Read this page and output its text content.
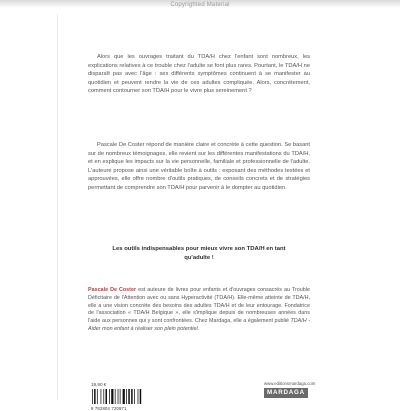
Copyrighted Material

Alors que les ouvrages traitant du TDA/H chez l'enfant sont nombreux, les explications relatives à ce trouble chez l'adulte se font plus rares. Pourtant, le TDA/H ne disparaît pas avec l'âge : ses différents symptômes continuent à se manifester au quotidien et peuvent rendre la vie de ces adultes compliquée. Alors, concrètement, comment contourner son TDA/H pour le vivre plus sereinement ?

Pascale De Coster répond de manière claire et concrète à cette question. Se basant sur de nombreux témoignages, elle revient sur les différentes manifestations du TDA/H, et en explique les impacts sur la vie personnelle, familiale et professionnelle de l'adulte. L'auteure propose ainsi une véritable boîte à outils : exposant des méthodes testées et approuvées, elle offre nombre d'outils pratiques, de conseils concrets et de stratégies permettant de comprendre son TDA/H pour parvenir à le dompter au quotidien.

Les outils indispensables pour mieux vivre son TDA/H en tant qu'adulte !
Pascale De Coster est auteure de livres pour enfants et d'ouvrages consacrés au Trouble Déficitaire de l'Attention avec ou sans Hyperactivité (TDA/H). Elle-même atteinte de TDA/H, elle a une vision concrète des besoins des adultes TDA/H et de leur entourage. Fondatrice de l'association « TDA/H Belgique », elle s'implique depuis de nombreuses années dans l'aide aux personnes qui y sont confrontées. Chez Mardaga, elle a également publié TDA/H - Aider mon enfant à réaliser son plein potentiel.
19,90 €
9 782804 720971
www.editionsmardaga.com
MARDAGA
